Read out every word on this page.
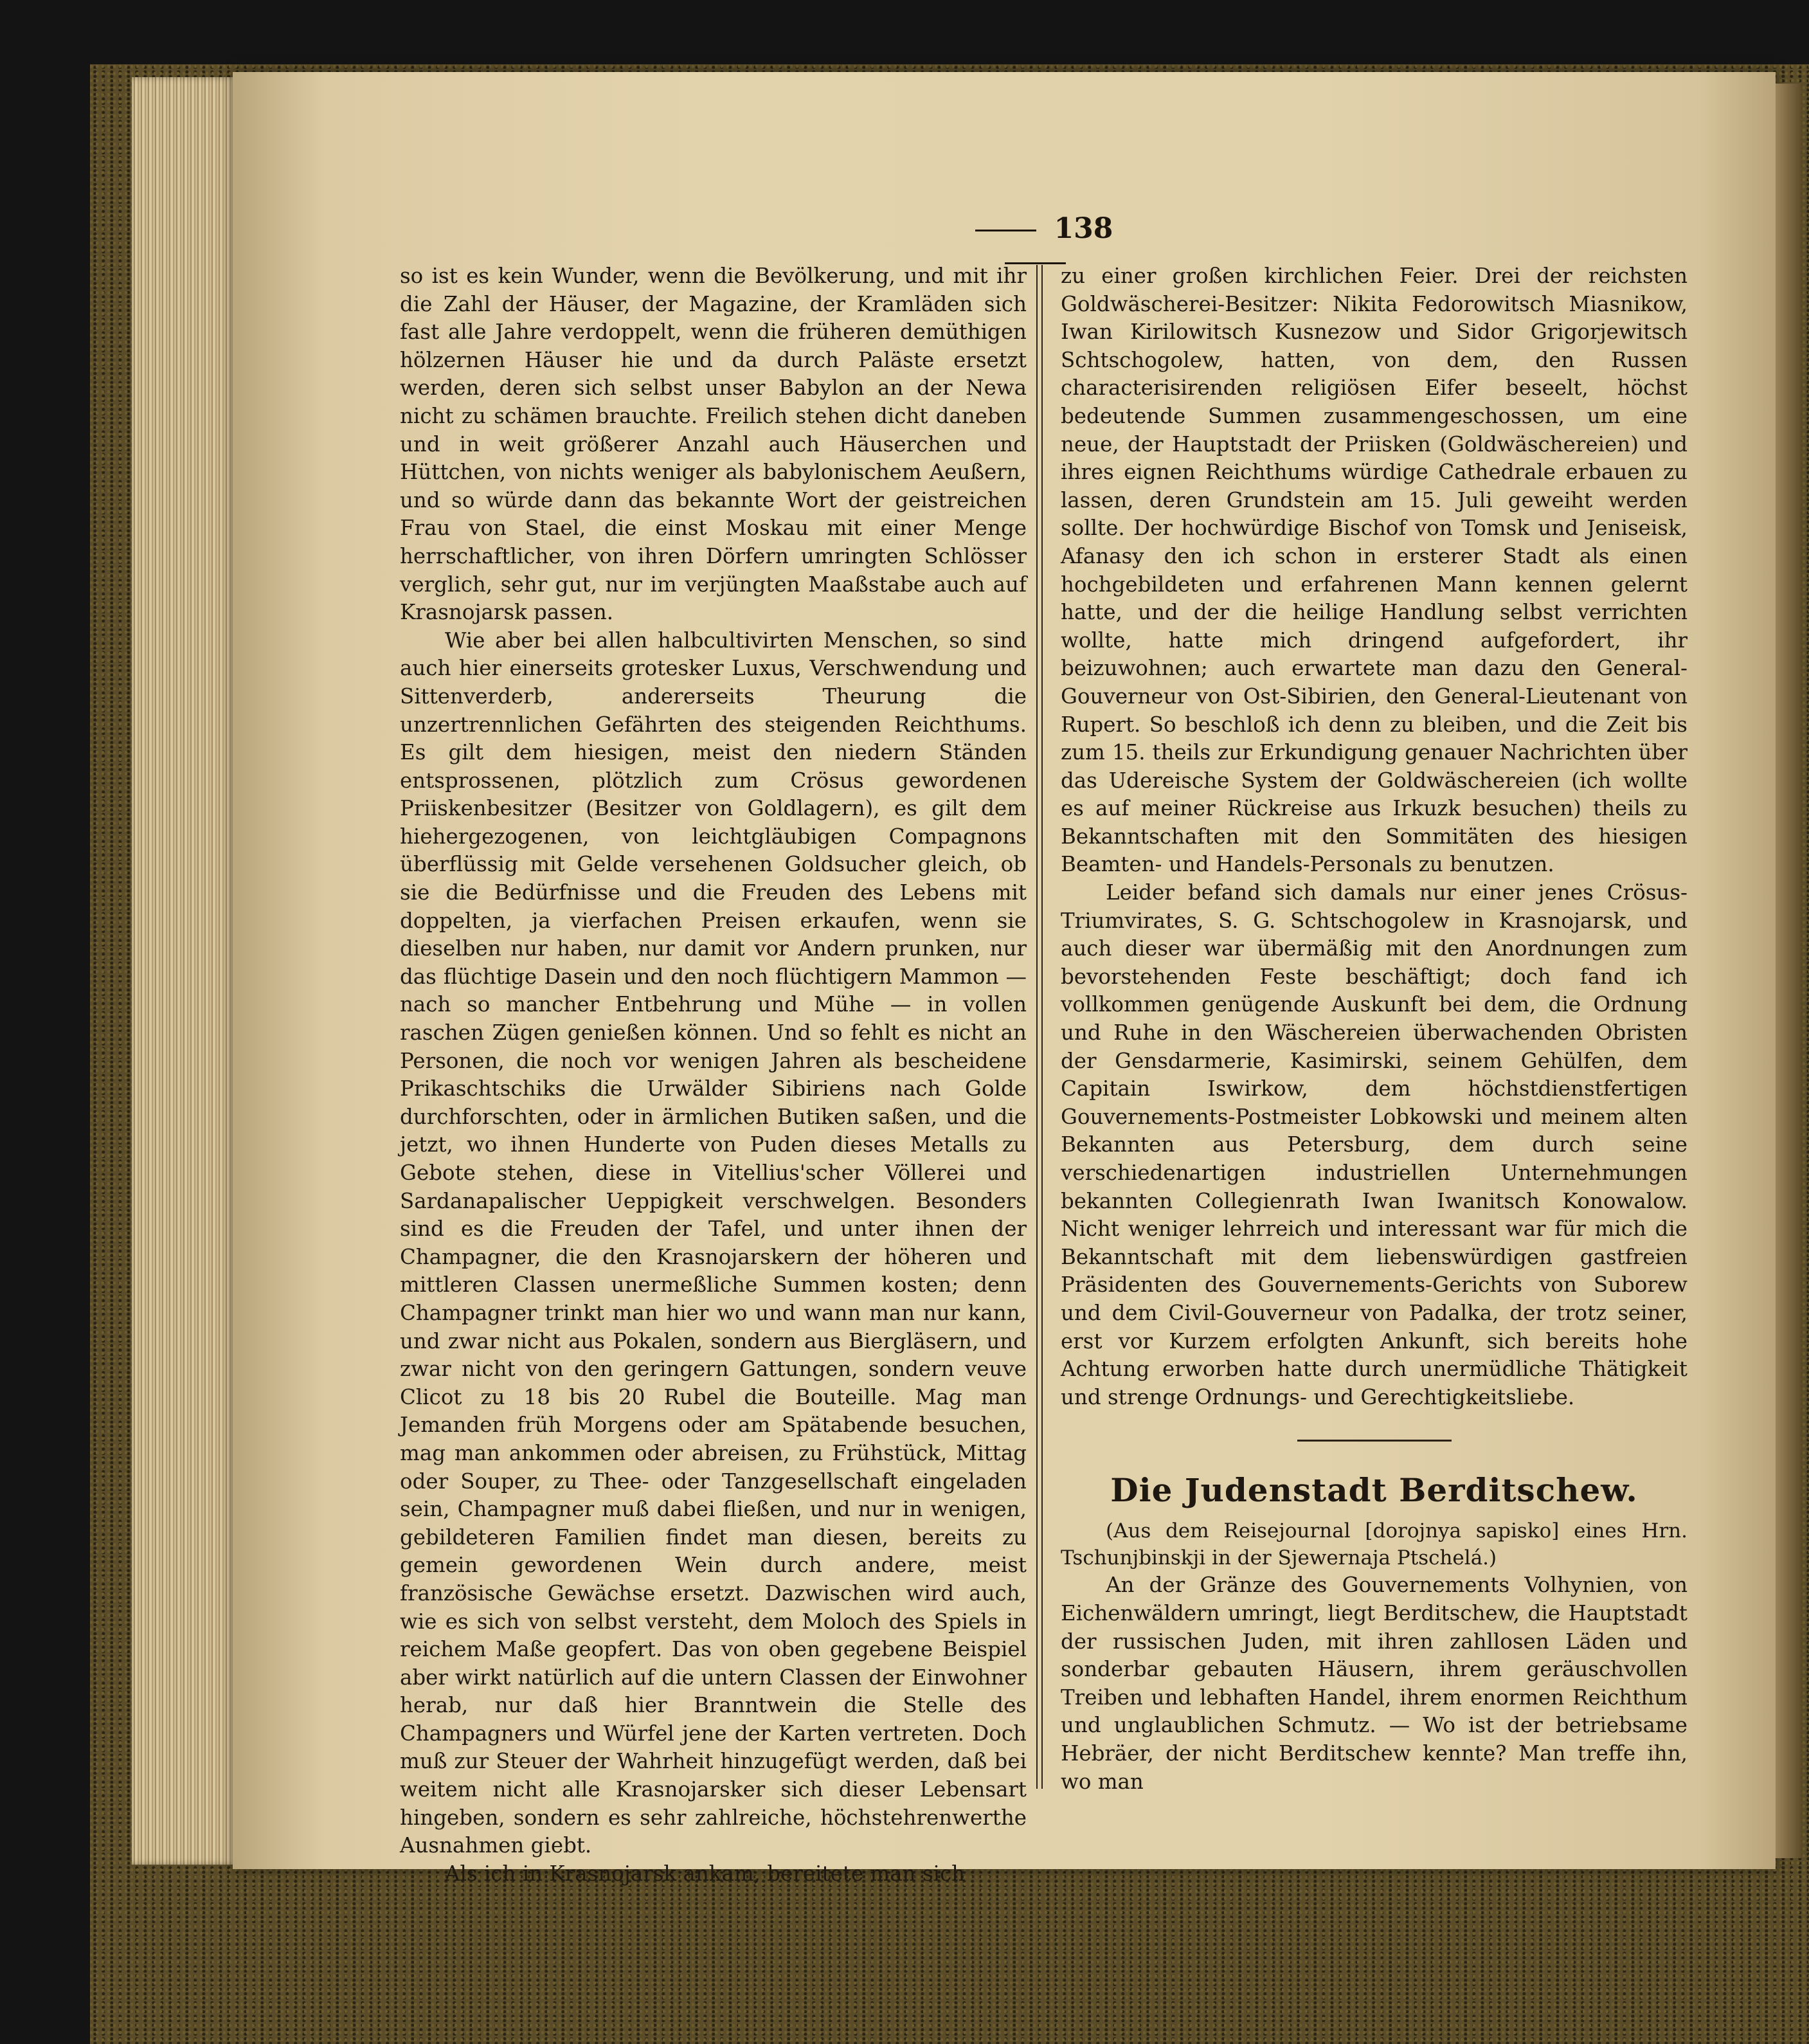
138

so ist es kein Wunder, wenn die Bevölkerung, und mit ihr die Zahl der Häuser, der Magazine, der Kramläden sich fast alle Jahre verdoppelt, wenn die früheren demüthigen hölzernen Häuser hie und da durch Paläste ersetzt werden, deren sich selbst unser Babylon an der Newa nicht zu schämen brauchte. Freilich stehen dicht daneben und in weit größerer Anzahl auch Häuserchen und Hüttchen, von nichts weniger als babylonischem Aeußern, und so würde dann das bekannte Wort der geistreichen Frau von Stael, die einst Moskau mit einer Menge herrschaftlicher, von ihren Dörfern umringten Schlösser verglich, sehr gut, nur im verjüngten Maaßstabe auch auf Krasnojarsk passen.

Wie aber bei allen halbcultivirten Menschen, so sind auch hier einerseits grotesker Luxus, Verschwendung und Sittenverderb, andererseits Theurung die unzertrennlichen Gefährten des steigenden Reichthums. Es gilt dem hiesigen, meist den niedern Ständen entsprossenen, plötzlich zum Crösus gewordenen Priiskenbesitzer (Besitzer von Goldlagern), es gilt dem hiehergezogenen, von leichtgläubigen Compagnons überflüssig mit Gelde versehenen Goldsucher gleich, ob sie die Bedürfnisse und die Freuden des Lebens mit doppelten, ja vierfachen Preisen erkaufen, wenn sie dieselben nur haben, nur damit vor Andern prunken, nur das flüchtige Dasein und den noch flüchtigern Mammon — nach so mancher Entbehrung und Mühe — in vollen raschen Zügen genießen können. Und so fehlt es nicht an Personen, die noch vor wenigen Jahren als bescheidene Prikaschtschiks die Urwälder Sibiriens nach Golde durchforschten, oder in ärmlichen Butiken saßen, und die jetzt, wo ihnen Hunderte von Puden dieses Metalls zu Gebote stehen, diese in Vitellius'scher Völlerei und Sardanapalischer Ueppigkeit verschwelgen. Besonders sind es die Freuden der Tafel, und unter ihnen der Champagner, die den Krasnojarskern der höheren und mittleren Classen unermeßliche Summen kosten; denn Champagner trinkt man hier wo und wann man nur kann, und zwar nicht aus Pokalen, sondern aus Biergläsern, und zwar nicht von den geringern Gattungen, sondern veuve Clicot zu 18 bis 20 Rubel die Bouteille. Mag man Jemanden früh Morgens oder am Spätabende besuchen, mag man ankommen oder abreisen, zu Frühstück, Mittag oder Souper, zu Thee- oder Tanzgesellschaft eingeladen sein, Champagner muß dabei fließen, und nur in wenigen, gebildeteren Familien findet man diesen, bereits zu gemein gewordenen Wein durch andere, meist französische Gewächse ersetzt. Dazwischen wird auch, wie es sich von selbst versteht, dem Moloch des Spiels in reichem Maße geopfert. Das von oben gegebene Beispiel aber wirkt natürlich auf die untern Classen der Einwohner herab, nur daß hier Branntwein die Stelle des Champagners und Würfel jene der Karten vertreten. Doch muß zur Steuer der Wahrheit hinzugefügt werden, daß bei weitem nicht alle Krasnojarsker sich dieser Lebensart hingeben, sondern es sehr zahlreiche, höchstehrenwerthe Ausnahmen giebt.

Als ich in Krasnojarsk ankam, bereitete man sich

zu einer großen kirchlichen Feier. Drei der reichsten Goldwäscherei-Besitzer: Nikita Fedorowitsch Miasnikow, Iwan Kirilowitsch Kusnezow und Sidor Grigorjewitsch Schtschogolew, hatten, von dem, den Russen characterisirenden religiösen Eifer beseelt, höchst bedeutende Summen zusammengeschossen, um eine neue, der Hauptstadt der Priisken (Goldwäschereien) und ihres eignen Reichthums würdige Cathedrale erbauen zu lassen, deren Grundstein am 15. Juli geweiht werden sollte. Der hochwürdige Bischof von Tomsk und Jeniseisk, Afanasy den ich schon in ersterer Stadt als einen hochgebildeten und erfahrenen Mann kennen gelernt hatte, und der die heilige Handlung selbst verrichten wollte, hatte mich dringend aufgefordert, ihr beizuwohnen; auch erwartete man dazu den General-Gouverneur von Ost-Sibirien, den General-Lieutenant von Rupert. So beschloß ich denn zu bleiben, und die Zeit bis zum 15. theils zur Erkundigung genauer Nachrichten über das Udereische System der Goldwäschereien (ich wollte es auf meiner Rückreise aus Irkuzk besuchen) theils zu Bekanntschaften mit den Sommitäten des hiesigen Beamten- und Handels-Personals zu benutzen.

Leider befand sich damals nur einer jenes Crösus-Triumvirates, S. G. Schtschogolew in Krasnojarsk, und auch dieser war übermäßig mit den Anordnungen zum bevorstehenden Feste beschäftigt; doch fand ich vollkommen genügende Auskunft bei dem, die Ordnung und Ruhe in den Wäschereien überwachenden Obristen der Gensdarmerie, Kasimirski, seinem Gehülfen, dem Capitain Iswirkow, dem höchstdienstfertigen Gouvernements-Postmeister Lobkowski und meinem alten Bekannten aus Petersburg, dem durch seine verschiedenartigen industriellen Unternehmungen bekannten Collegienrath Iwan Iwanitsch Konowalow. Nicht weniger lehrreich und interessant war für mich die Bekanntschaft mit dem liebenswürdigen gastfreien Präsidenten des Gouvernements-Gerichts von Suborew und dem Civil-Gouverneur von Padalka, der trotz seiner, erst vor Kurzem erfolgten Ankunft, sich bereits hohe Achtung erworben hatte durch unermüdliche Thätigkeit und strenge Ordnungs- und Gerechtigkeitsliebe.

Die Judenstadt Berditschew.

(Aus dem Reisejournal [dorojnya sapisko] eines Hrn. Tschunjbinskji in der Sjewernaja Ptschelá.)

An der Gränze des Gouvernements Volhynien, von Eichenwäldern umringt, liegt Berditschew, die Hauptstadt der russischen Juden, mit ihren zahllosen Läden und sonderbar gebauten Häusern, ihrem geräuschvollen Treiben und lebhaften Handel, ihrem enormen Reichthum und unglaublichen Schmutz. — Wo ist der betriebsame Hebräer, der nicht Berditschew kennte? Man treffe ihn, wo man
